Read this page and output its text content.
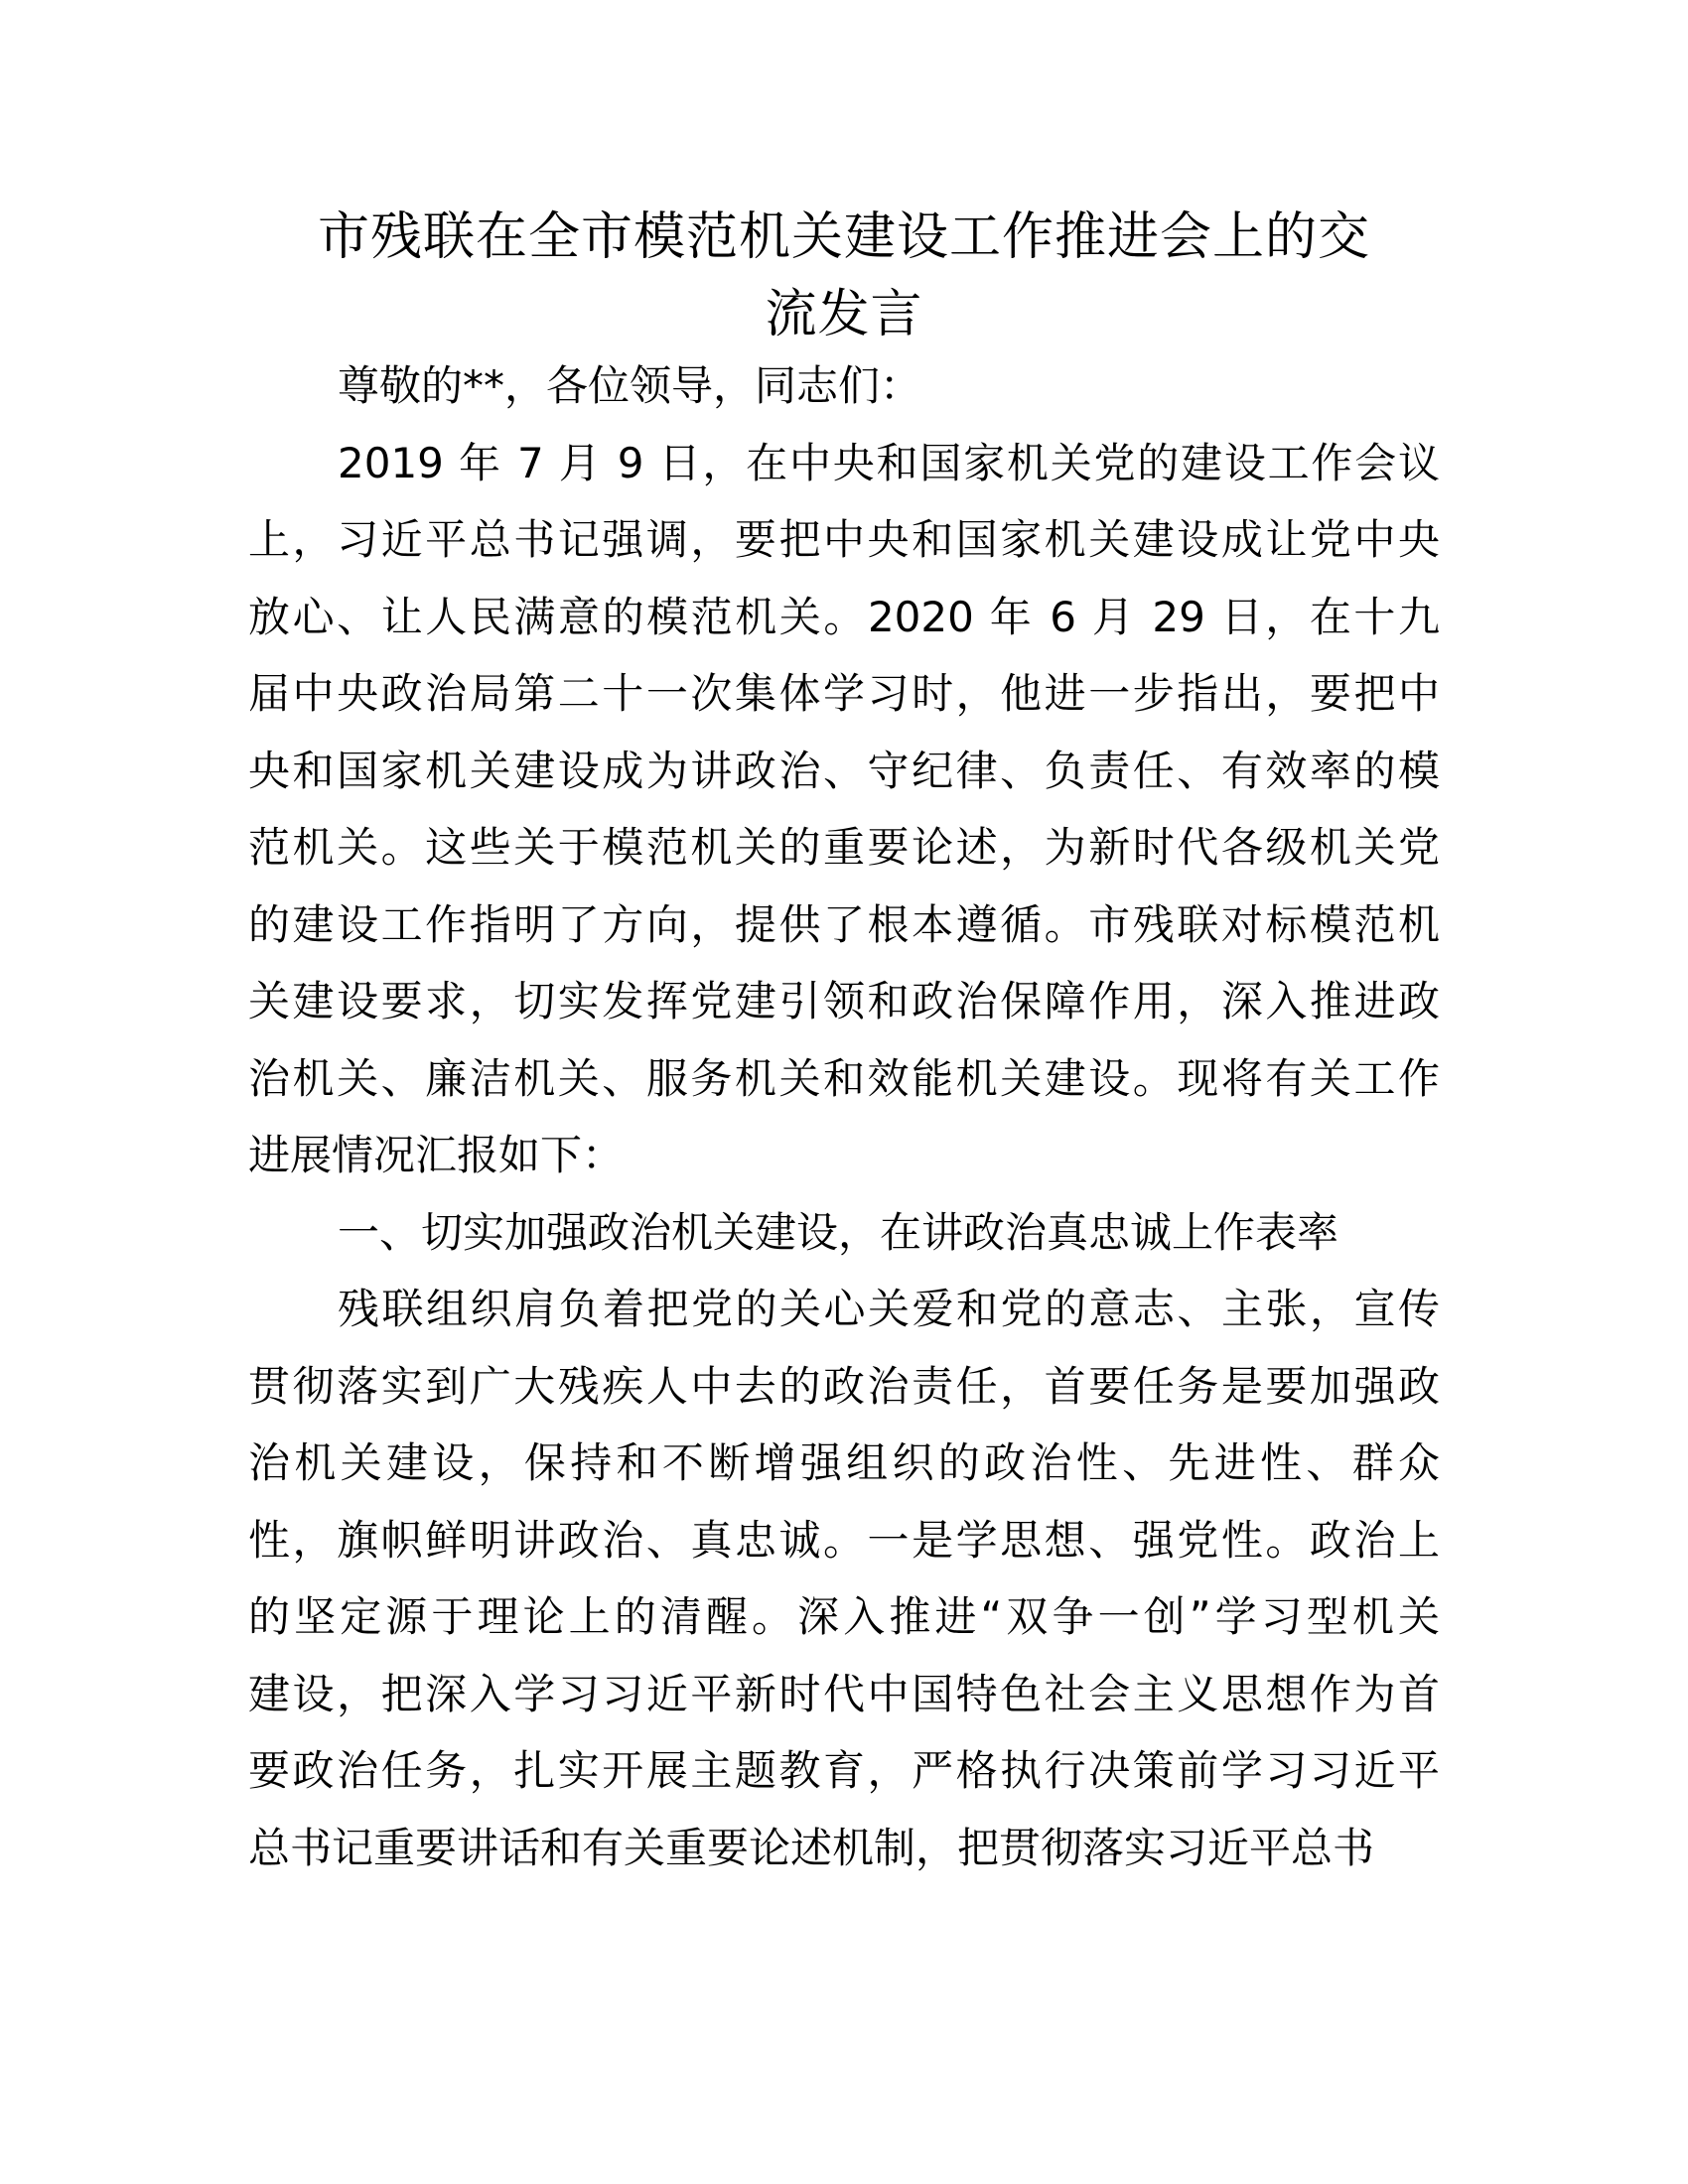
市残联在全市模范机关建设工作推进会上的交
流发言

尊敬的**，各位领导，同志们：

2019 年 7 月 9 日，在中央和国家机关党的建设工作会议
上，习近平总书记强调，要把中央和国家机关建设成让党中央
放心、让人民满意的模范机关。2020 年 6 月 29 日，在十九
届中央政治局第二十一次集体学习时，他进一步指出，要把中
央和国家机关建设成为讲政治、守纪律、负责任、有效率的模
范机关。这些关于模范机关的重要论述，为新时代各级机关党
的建设工作指明了方向，提供了根本遵循。市残联对标模范机
关建设要求，切实发挥党建引领和政治保障作用，深入推进政
治机关、廉洁机关、服务机关和效能机关建设。现将有关工作
进展情况汇报如下：

一、切实加强政治机关建设，在讲政治真忠诚上作表率

残联组织肩负着把党的关心关爱和党的意志、主张，宣传
贯彻落实到广大残疾人中去的政治责任，首要任务是要加强政
治机关建设，保持和不断增强组织的政治性、先进性、群众
性，旗帜鲜明讲政治、真忠诚。一是学思想、强党性。政治上
的坚定源于理论上的清醒。深入推进“双争一创”学习型机关
建设，把深入学习习近平新时代中国特色社会主义思想作为首
要政治任务，扎实开展主题教育，严格执行决策前学习习近平
总书记重要讲话和有关重要论述机制，把贯彻落实习近平总书
